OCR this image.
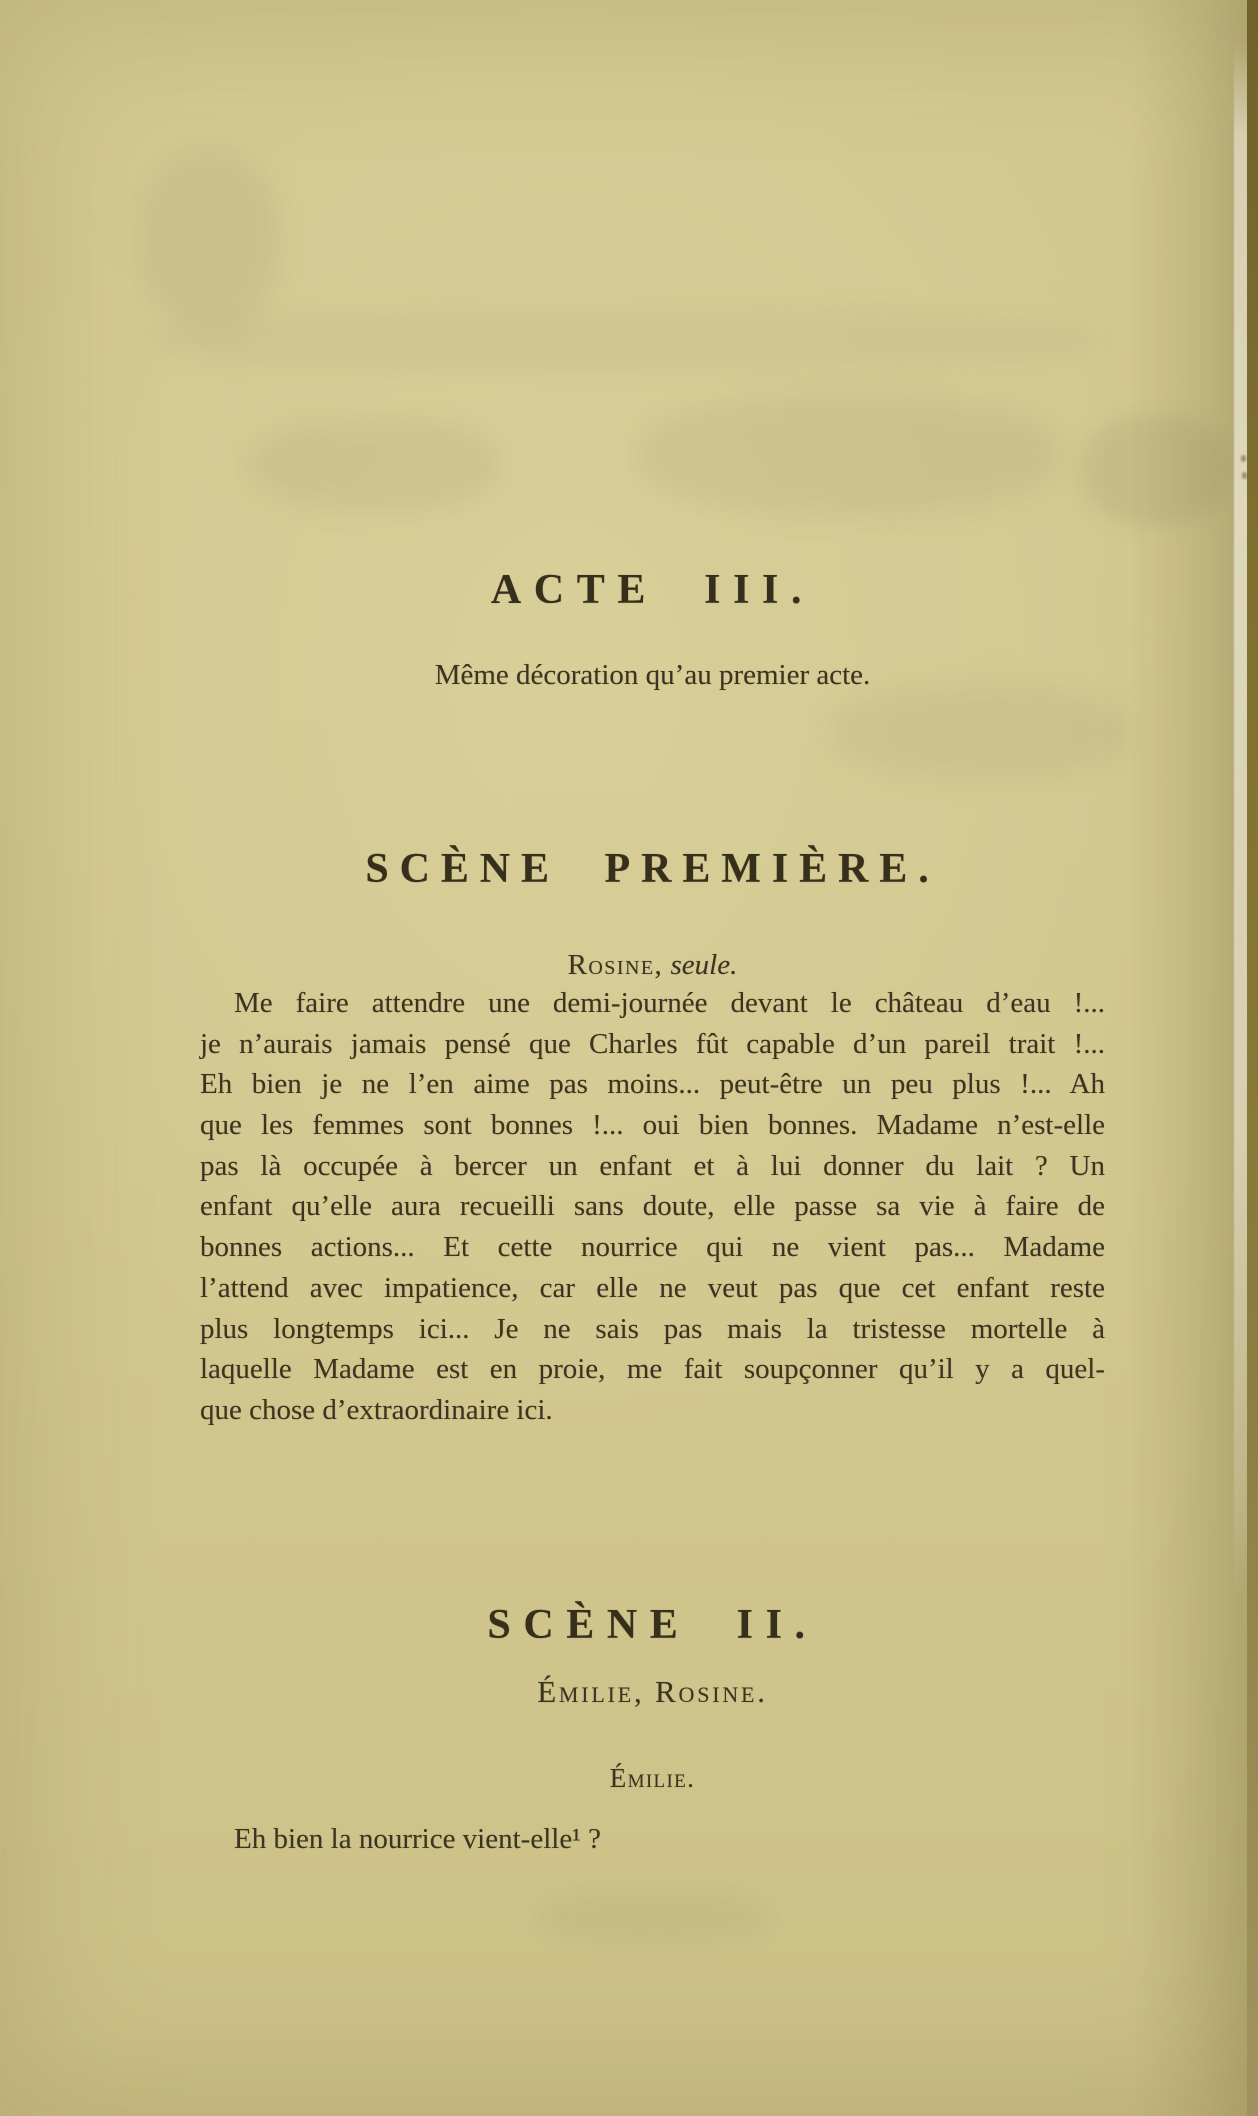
ACTE III.

Même décoration qu’au premier acte.

SCÈNE PREMIÈRE.

Rosine, seule.

Me faire attendre une demi-journée devant le château d’eau !...
je n’aurais jamais pensé que Charles fût capable d’un pareil trait !...
Eh bien je ne l’en aime pas moins... peut-être un peu plus !... Ah
que les femmes sont bonnes !... oui bien bonnes. Madame n’est-elle
pas là occupée à bercer un enfant et à lui donner du lait ? Un
enfant qu’elle aura recueilli sans doute, elle passe sa vie à faire de
bonnes actions... Et cette nourrice qui ne vient pas... Madame
l’attend avec impatience, car elle ne veut pas que cet enfant reste
plus longtemps ici... Je ne sais pas mais la tristesse mortelle à
laquelle Madame est en proie, me fait soupçonner qu’il y a quel-
que chose d’extraordinaire ici.
SCÈNE II.

Émilie, Rosine.

Émilie.

Eh bien la nourrice vient-elle¹ ?
